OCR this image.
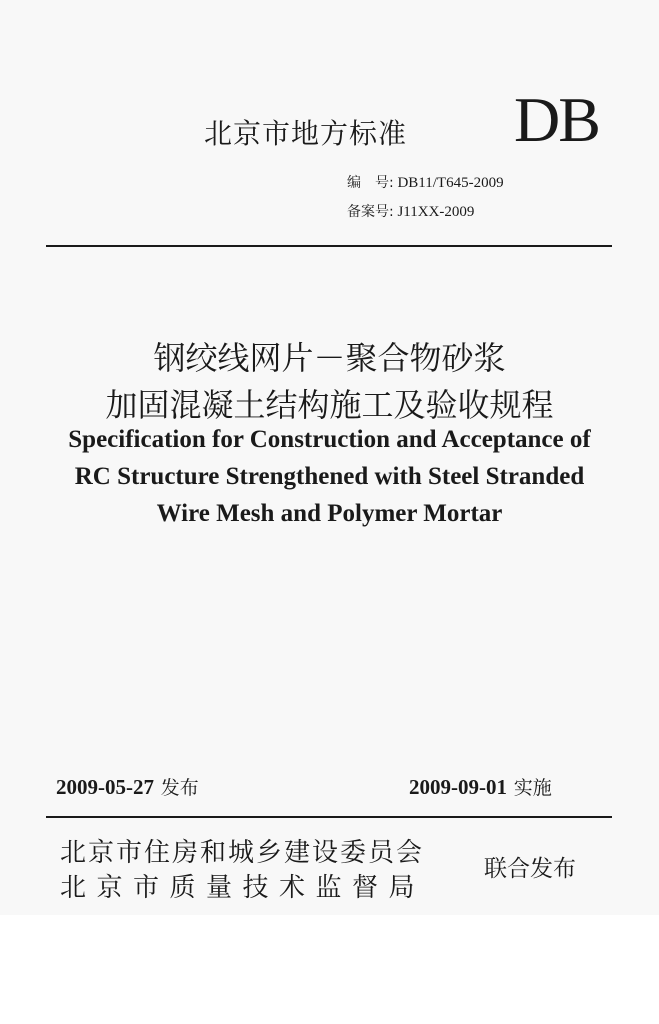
北京市地方标准 DB
编　号: DB11/T645-2009
备案号: J11XX-2009
钢绞线网片－聚合物砂浆
加固混凝土结构施工及验收规程
Specification for Construction and Acceptance of
RC Structure Strengthened with Steel Stranded
Wire Mesh and Polymer Mortar
2009-05-27 发布	2009-09-01 实施
北京市住房和城乡建设委员会
北京市质量技术监督局
联合发布
